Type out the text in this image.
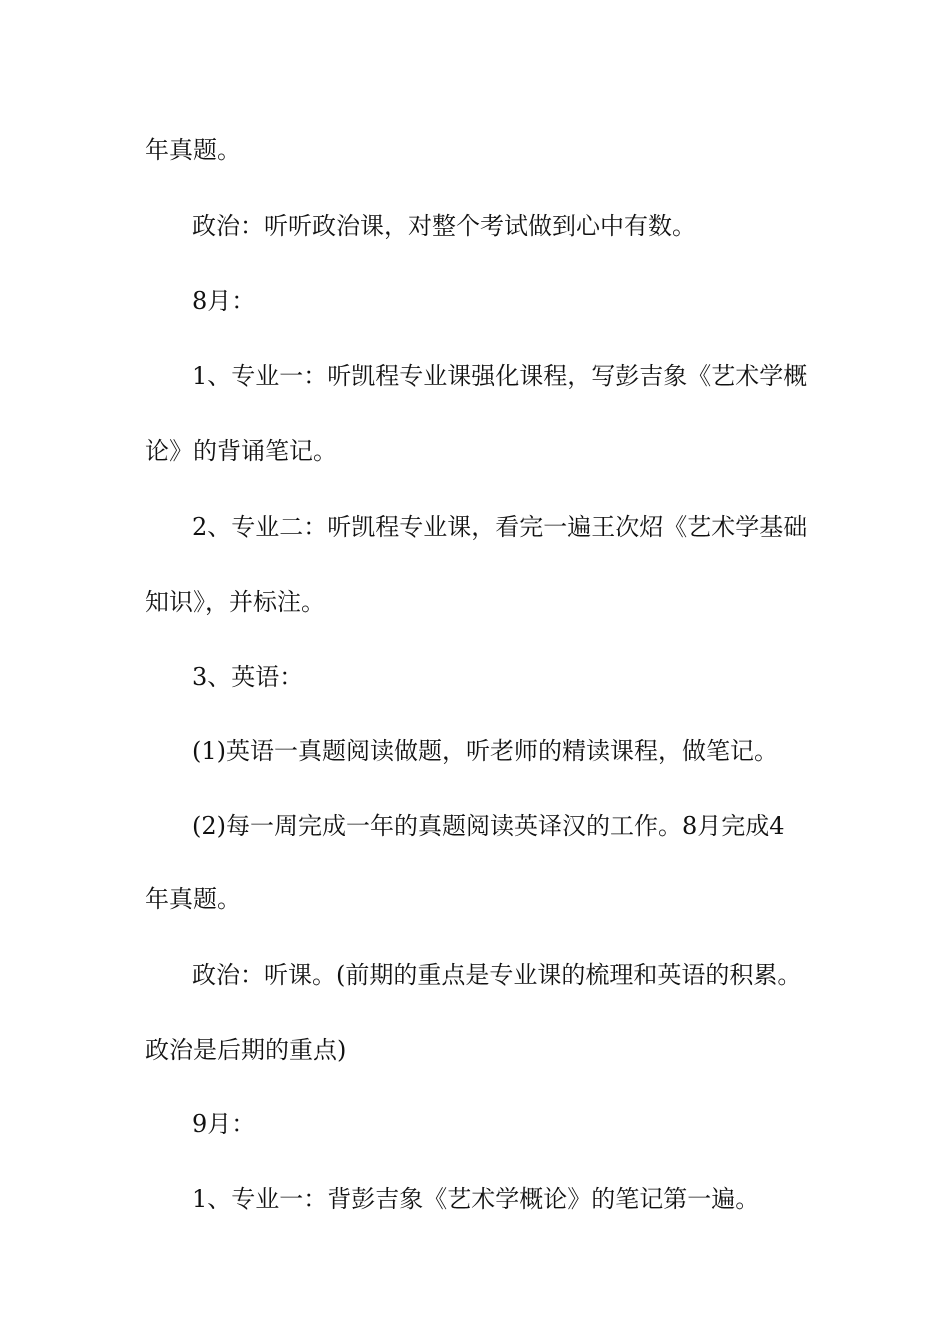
年真题。
政治：听听政治课，对整个考试做到心中有数。
8月：
1、专业一：听凯程专业课强化课程，写彭吉象《艺术学概
论》的背诵笔记。
2、专业二：听凯程专业课，看完一遍王次炤《艺术学基础
知识》，并标注。
3、英语：
(1)英语一真题阅读做题，听老师的精读课程，做笔记。
(2)每一周完成一年的真题阅读英译汉的工作。8月完成4
年真题。
政治：听课。(前期的重点是专业课的梳理和英语的积累。
政治是后期的重点)
9月：
1、专业一：背彭吉象《艺术学概论》的笔记第一遍。
